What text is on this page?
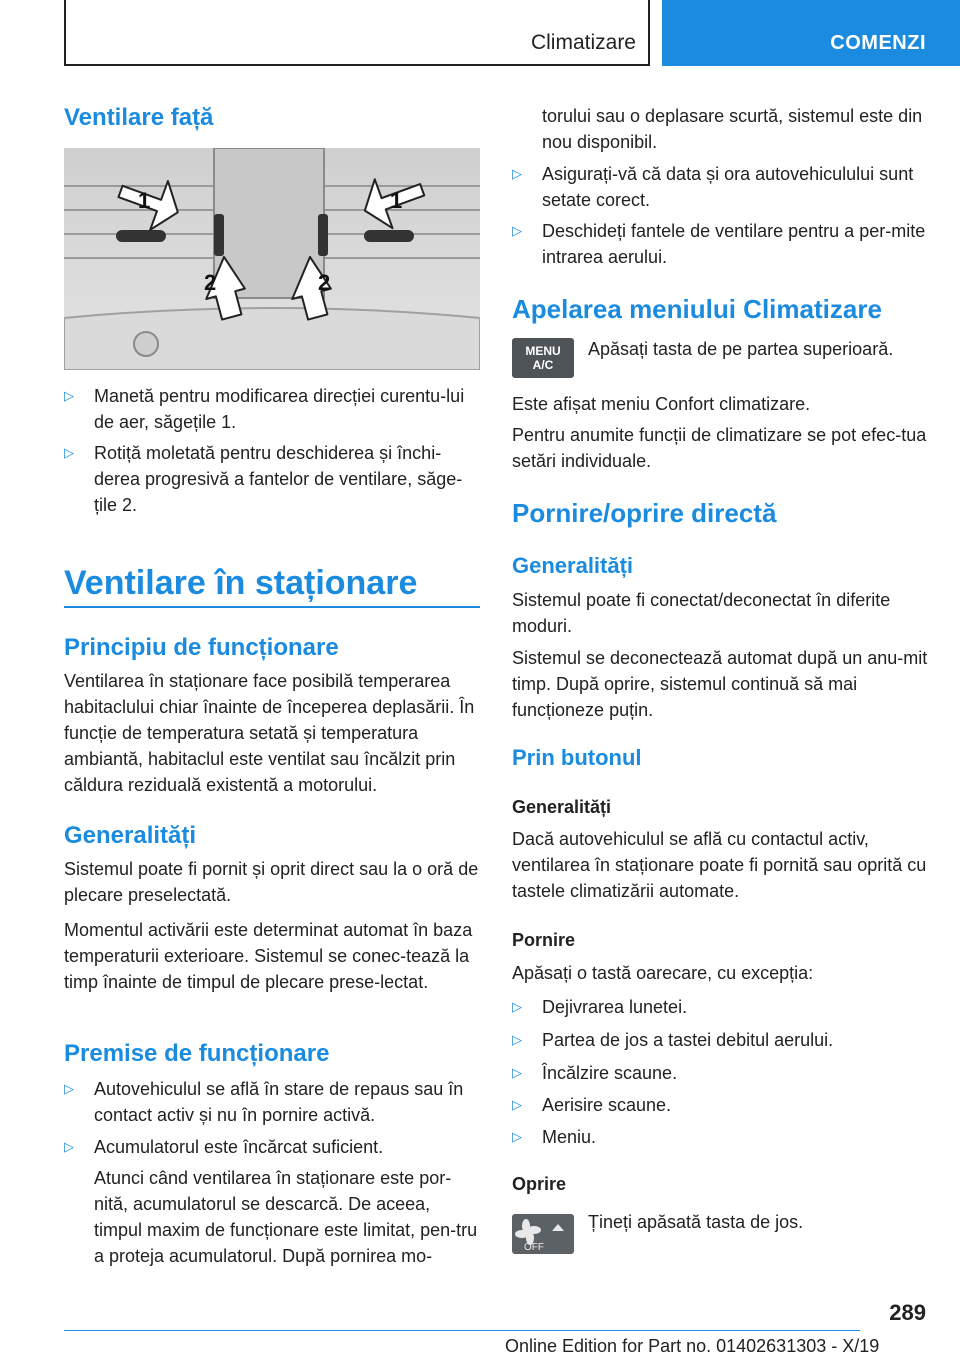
Climatizare	COMENZI
Ventilare față
1	1
2	2
▷ Manetă pentru modificarea direcției curentu-lui de aer, săgețile 1.
▷ Rotiță moletată pentru deschiderea și închi-derea progresivă a fantelor de ventilare, săge-țile 2.
Ventilare în staționare
Principiu de funcționare

Ventilarea în staționare face posibilă temperarea habitaclului chiar înainte de începerea deplasării. În funcție de temperatura setată și temperatura ambiantă, habitaclul este ventilat sau încălzit prin căldura reziduală existentă a motorului.

Generalități

Sistemul poate fi pornit și oprit direct sau la o oră de plecare preselectată.

Momentul activării este determinat automat în baza temperaturii exterioare. Sistemul se conec-tează la timp înainte de timpul de plecare prese-lectat.

Premise de funcționare
▷ Autovehiculul se află în stare de repaus sau în contact activ și nu în pornire activă.
▷ Acumulatorul este încărcat suficient.

Atunci când ventilarea în staționare este por-nită, acumulatorul se descarcă. De aceea, timpul maxim de funcționare este limitat, pen-tru a proteja acumulatorul. După pornirea mo-

torului sau o deplasare scurtă, sistemul este din nou disponibil.

▷ Asigurați-vă că data și ora autovehiculului sunt setate corect.
▷ Deschideți fantele de ventilare pentru a per-mite intrarea aerului.
Apelarea meniului Climatizare
MENU
A/C

Apăsați tasta de pe partea superioară.

Este afișat meniu Confort climatizare.

Pentru anumite funcții de climatizare se pot efec-tua setări individuale.

Pornire/oprire directă
Generalități

Sistemul poate fi conectat/deconectat în diferite moduri.

Sistemul se deconectează automat după un anu-mit timp. După oprire, sistemul continuă să mai funcționeze puțin.

Prin butonul
Generalități

Dacă autovehiculul se află cu contactul activ, ventilarea în staționare poate fi pornită sau oprită cu tastele climatizării automate.

Pornire

Apăsați o tastă oarecare, cu excepția:

▷ Dejivrarea lunetei.
▷ Partea de jos a tastei debitul aerului.
▷ Încălzire scaune.
▷ Aerisire scaune.
▷ Meniu.
Oprire
OFF

Țineți apăsată tasta de jos.

289
Online Edition for Part no. 01402631303 - X/19
